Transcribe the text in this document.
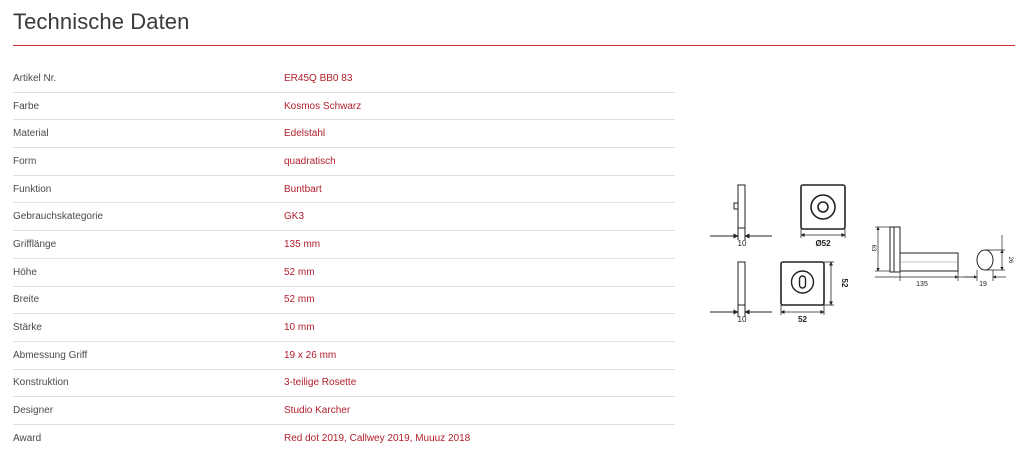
Technische Daten
Artikel Nr.	ER45Q BB0 83
Farbe	Kosmos Schwarz
Material	Edelstahl
Form	quadratisch
Funktion	Buntbart
Gebrauchskategorie	GK3
Grifflänge	135 mm
Höhe	52 mm
Breite	52 mm
Stärke	10 mm
Abmessung Griff	19 x 26 mm
Konstruktion	3-teilige Rosette
Designer	Studio Karcher
Award	Red dot 2019, Callwey 2019, Muuuz 2018
10	Ø52
10	52
52
63
135	19
26
